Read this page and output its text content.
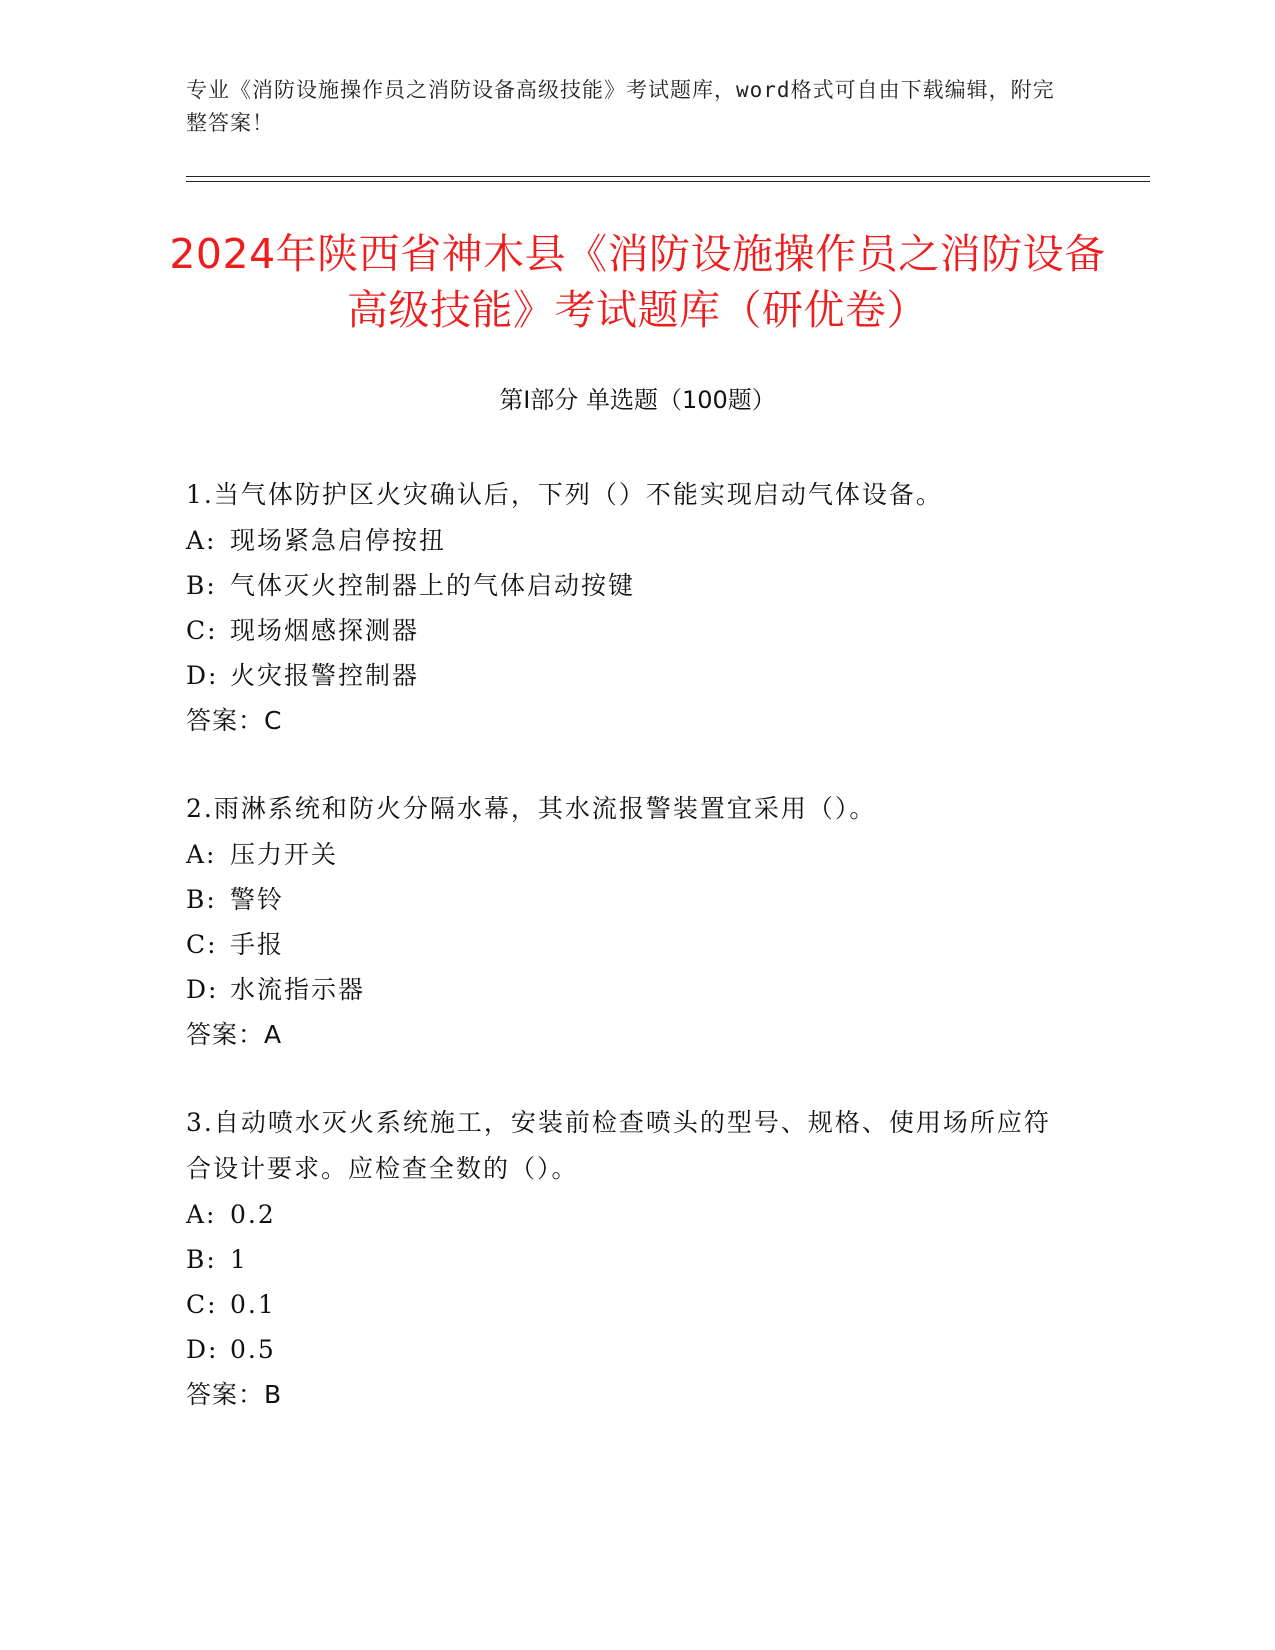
专业《消防设施操作员之消防设备高级技能》考试题库，word格式可自由下载编辑，附完整答案！
2024年陕西省神木县《消防设施操作员之消防设备高级技能》考试题库（研优卷）
第Ⅰ部分 单选题（100题）
1.当气体防护区火灾确认后，下列（）不能实现启动气体设备。
A: 现场紧急启停按扭
B: 气体灭火控制器上的气体启动按键
C: 现场烟感探测器
D: 火灾报警控制器
答案：C
2.雨淋系统和防火分隔水幕，其水流报警装置宜采用（）。
A: 压力开关
B: 警铃
C: 手报
D: 水流指示器
答案：A
3.自动喷水灭火系统施工，安装前检查喷头的型号、规格、使用场所应符合设计要求。应检查全数的（）。
A: 0.2
B: 1
C: 0.1
D: 0.5
答案：B
